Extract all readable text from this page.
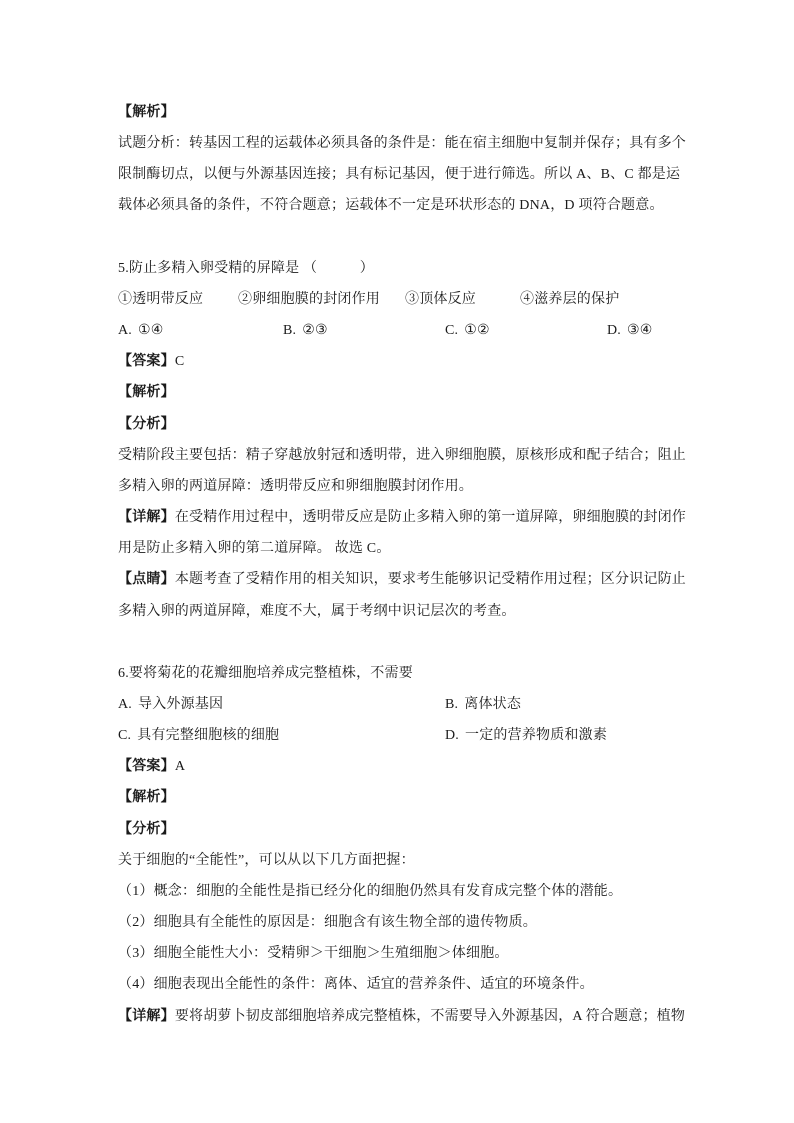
【解析】
试题分析：转基因工程的运载体必须具备的条件是：能在宿主细胞中复制并保存；具有多个
限制酶切点，以便与外源基因连接；具有标记基因，便于进行筛选。所以 A、B、C 都是运
载体必须具备的条件，不符合题意；运载体不一定是环状形态的 DNA，D 项符合题意。
5.防止多精入卵受精的屏障是 （　　　）
①透明带反应 ②卵细胞膜的封闭作用 ③顶体反应	④滋养层的保护
A. ①④	B. ②③	C. ①②	D. ③④
【答案】C
【解析】
【分析】
受精阶段主要包括：精子穿越放射冠和透明带，进入卵细胞膜，原核形成和配子结合；阻止
多精入卵的两道屏障：透明带反应和卵细胞膜封闭作用。
【详解】在受精作用过程中，透明带反应是防止多精入卵的第一道屏障，卵细胞膜的封闭作
用是防止多精入卵的第二道屏障。 故选 C。
【点睛】本题考查了受精作用的相关知识，要求考生能够识记受精作用过程；区分识记防止
多精入卵的两道屏障，难度不大，属于考纲中识记层次的考查。
6.要将菊花的花瓣细胞培养成完整植株，不需要
A. 导入外源基因	B. 离体状态
C. 具有完整细胞核的细胞	D. 一定的营养物质和激素
【答案】A
【解析】
【分析】
关于细胞的“全能性”，可以从以下几方面把握：
（1）概念：细胞的全能性是指已经分化的细胞仍然具有发育成完整个体的潜能。
（2）细胞具有全能性的原因是：细胞含有该生物全部的遗传物质。
（3）细胞全能性大小：受精卵＞干细胞＞生殖细胞＞体细胞。
（4）细胞表现出全能性的条件：离体、适宜的营养条件、适宜的环境条件。
【详解】要将胡萝卜韧皮部细胞培养成完整植株，不需要导入外源基因，A 符合题意；植物
